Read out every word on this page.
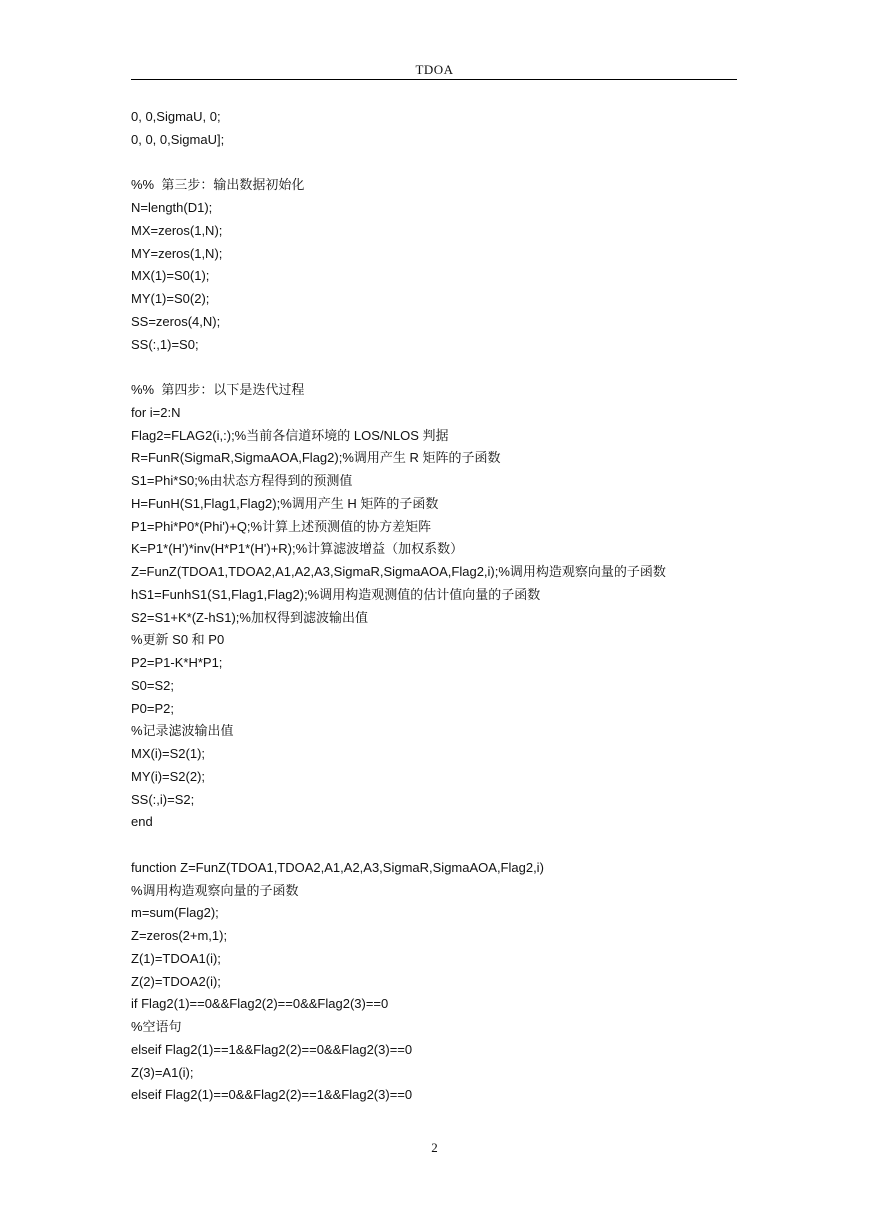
TDOA
0, 0,SigmaU, 0;
0, 0, 0,SigmaU];
%%  第三步：输出数据初始化
N=length(D1);
MX=zeros(1,N);
MY=zeros(1,N);
MX(1)=S0(1);
MY(1)=S0(2);
SS=zeros(4,N);
SS(:,1)=S0;
%%  第四步：以下是迭代过程
for i=2:N
Flag2=FLAG2(i,:);%当前各信道环境的 LOS/NLOS 判据
R=FunR(SigmaR,SigmaAOA,Flag2);%调用产生 R 矩阵的子函数
S1=Phi*S0;%由状态方程得到的预测值
H=FunH(S1,Flag1,Flag2);%调用产生 H 矩阵的子函数
P1=Phi*P0*(Phi')+Q;%计算上述预测值的协方差矩阵
K=P1*(H')*inv(H*P1*(H')+R);%计算滤波增益（加权系数）
Z=FunZ(TDOA1,TDOA2,A1,A2,A3,SigmaR,SigmaAOA,Flag2,i);%调用构造观察向量的子函数
hS1=FunhS1(S1,Flag1,Flag2);%调用构造观测值的估计值向量的子函数
S2=S1+K*(Z-hS1);%加权得到滤波输出值
%更新 S0 和 P0
P2=P1-K*H*P1;
S0=S2;
P0=P2;
%记录滤波输出值
MX(i)=S2(1);
MY(i)=S2(2);
SS(:,i)=S2;
end
function Z=FunZ(TDOA1,TDOA2,A1,A2,A3,SigmaR,SigmaAOA,Flag2,i)
%调用构造观察向量的子函数
m=sum(Flag2);
Z=zeros(2+m,1);
Z(1)=TDOA1(i);
Z(2)=TDOA2(i);
if Flag2(1)==0&&Flag2(2)==0&&Flag2(3)==0
%空语句
elseif Flag2(1)==1&&Flag2(2)==0&&Flag2(3)==0
Z(3)=A1(i);
elseif Flag2(1)==0&&Flag2(2)==1&&Flag2(3)==0
2
